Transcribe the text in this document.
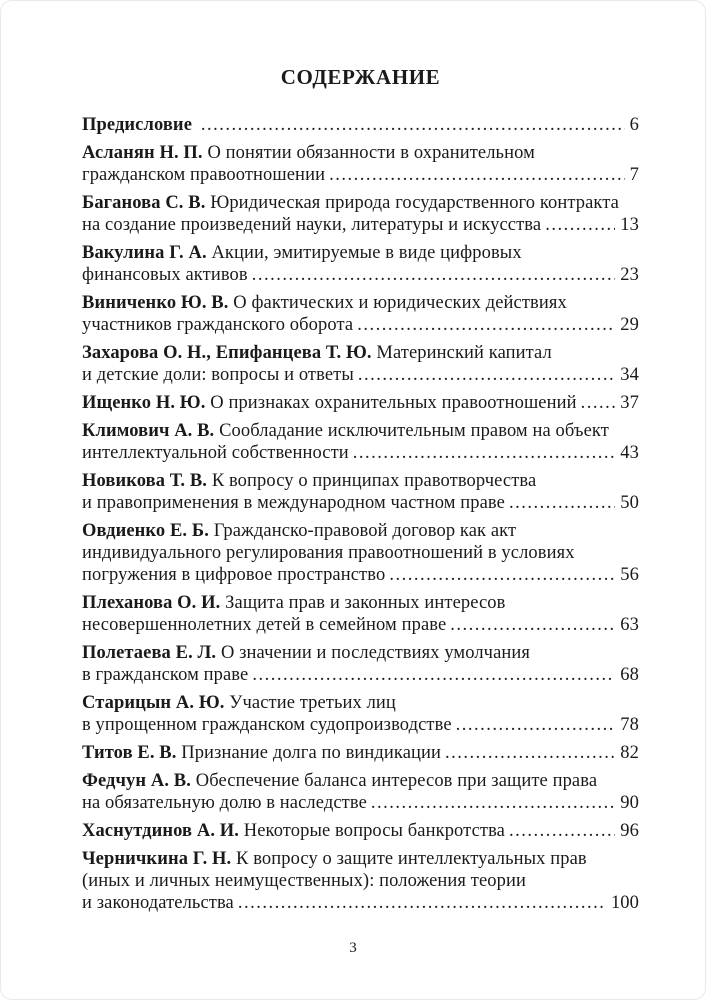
СОДЕРЖАНИЕ
Предисловие .....	6
Асланян Н. П. О понятии обязанности в охранительном
гражданском правоотношении .....	7
Баганова С. В. Юридическая природа государственного контракта
на создание произведений науки, литературы и искусства .....	13
Вакулина Г. А. Акции, эмитируемые в виде цифровых
финансовых активов .....	23
Виниченко Ю. В. О фактических и юридических действиях
участников гражданского оборота .....	29
Захарова О. Н., Епифанцева Т. Ю. Материнский капитал
и детские доли: вопросы и ответы .....	34
Ищенко Н. Ю. О признаках охранительных правоотношений ..... 37
Климович А. В. Сообладание исключительным правом на объект
интеллектуальной собственности .....	43
Новикова Т. В. К вопросу о принципах правотворчества
и правоприменения в международном частном праве .....	50
Овдиенко Е. Б. Гражданско-правовой договор как акт
индивидуального регулирования правоотношений в условиях
погружения в цифровое пространство .....	56
Плеханова О. И. Защита прав и законных интересов
несовершеннолетних детей в семейном праве .....	63
Полетаева Е. Л. О значении и последствиях умолчания
в гражданском праве .....	68
Старицын А. Ю. Участие третьих лиц
в упрощенном гражданском судопроизводстве .....	78
Титов Е. В. Признание долга по виндикации .....	82
Федчун А. В. Обеспечение баланса интересов при защите права
на обязательную долю в наследстве .....	90
Хаснутдинов А. И. Некоторые вопросы банкротства .....	96
Черничкина Г. Н. К вопросу о защите интеллектуальных прав
(иных и личных неимущественных): положения теории
и законодательства .....	100
3
